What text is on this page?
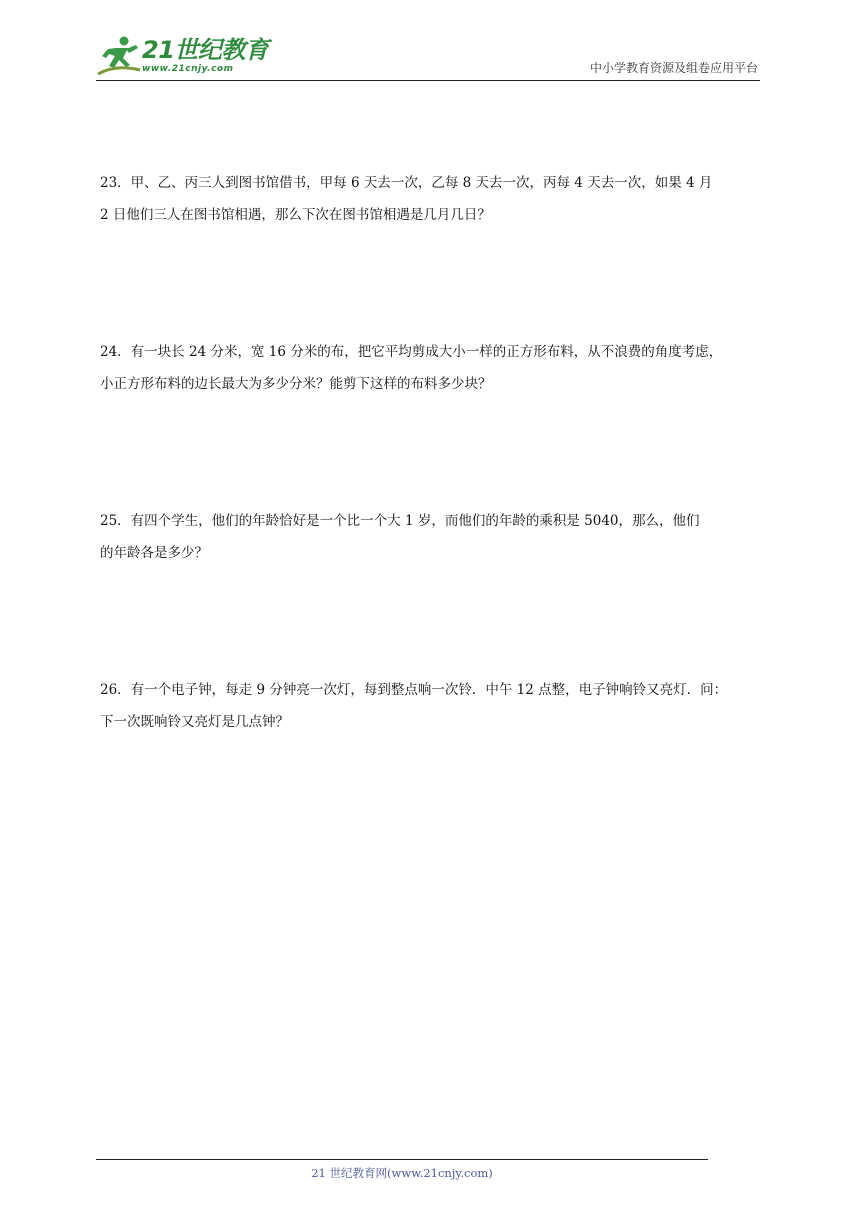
21世纪教育
www.21cnjy.com	中小学教育资源及组卷应用平台

23．甲、乙、丙三人到图书馆借书，甲每 6 天去一次，乙每 8 天去一次，丙每 4 天去一次，如果 4 月

2 日他们三人在图书馆相遇，那么下次在图书馆相遇是几月几日？

24．有一块长 24 分米，宽 16 分米的布，把它平均剪成大小一样的正方形布料，从不浪费的角度考虑，

小正方形布料的边长最大为多少分米？能剪下这样的布料多少块？

25．有四个学生，他们的年龄恰好是一个比一个大 1 岁，而他们的年龄的乘积是 5040，那么，他们

的年龄各是多少？

26．有一个电子钟，每走 9 分钟亮一次灯，每到整点响一次铃．中午 12 点整，电子钟响铃又亮灯．问：

下一次既响铃又亮灯是几点钟？

21 世纪教育网(www.21cnjy.com)
